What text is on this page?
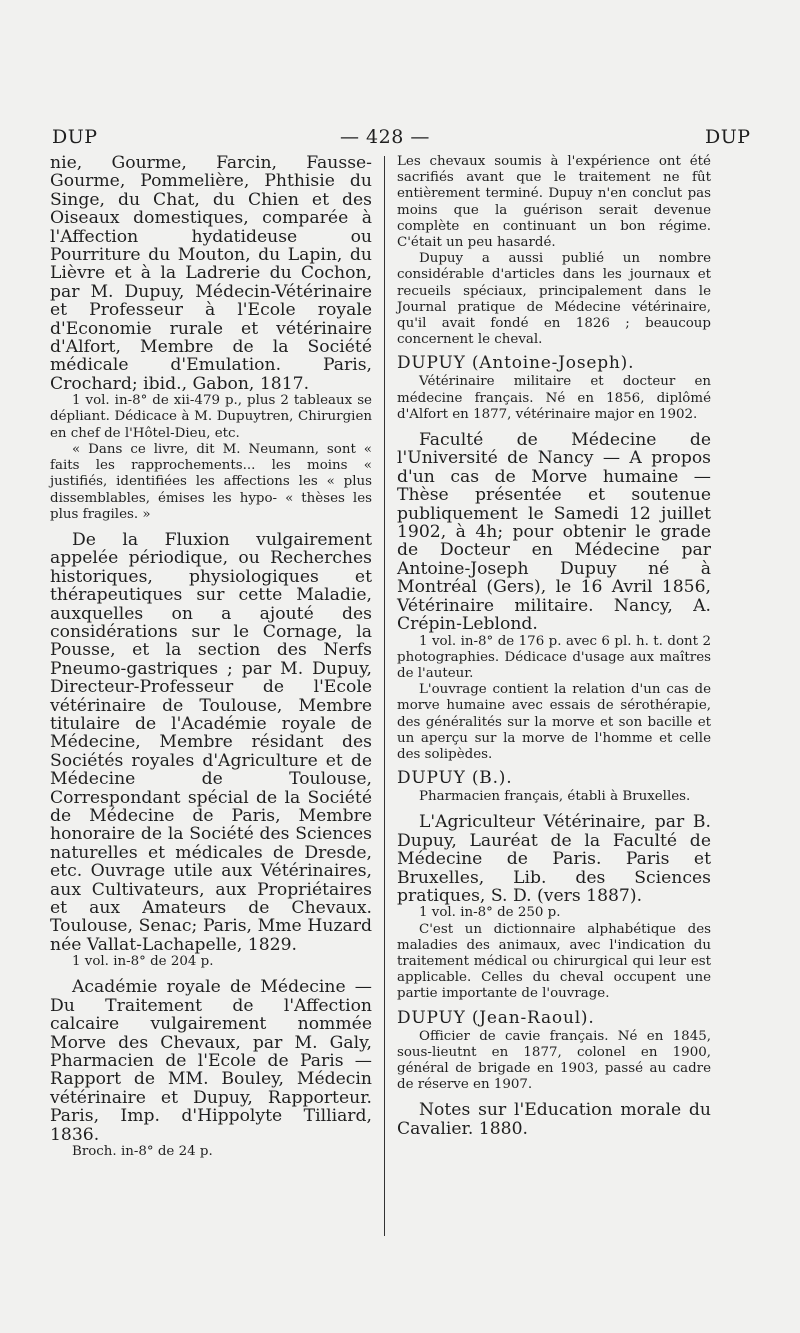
DUP	— 428 —	DUP

nie, Gourme, Farcin, Fausse-Gourme, Pommelière, Phthisie du Singe, du Chat, du Chien et des Oiseaux domestiques, comparée à l'Affection hydatideuse ou Pourriture du Mouton, du Lapin, du Lièvre et à la Ladrerie du Cochon, par M. Dupuy, Médecin-Vétérinaire et Professeur à l'Ecole royale d'Economie rurale et vétérinaire d'Alfort, Membre de la Société médicale d'Emulation. Paris, Crochard; ibid., Gabon, 1817.

1 vol. in-8° de xii-479 p., plus 2 tableaux se dépliant. Dédicace à M. Dupuytren, Chirurgien en chef de l'Hôtel-Dieu, etc.

« Dans ce livre, dit M. Neumann, sont « faits les rapprochements... les moins « justifiés, identifiées les affections les « plus dissemblables, émises les hypo- « thèses les plus fragiles. »

De la Fluxion vulgairement appelée périodique, ou Recherches historiques, physiologiques et thérapeutiques sur cette Maladie, auxquelles on a ajouté des considérations sur le Cornage, la Pousse, et la section des Nerfs Pneumo-gastriques ; par M. Dupuy, Directeur-Professeur de l'Ecole vétérinaire de Toulouse, Membre titulaire de l'Académie royale de Médecine, Membre résidant des Sociétés royales d'Agriculture et de Médecine de Toulouse, Correspondant spécial de la Société de Médecine de Paris, Membre honoraire de la Société des Sciences naturelles et médicales de Dresde, etc. Ouvrage utile aux Vétérinaires, aux Cultivateurs, aux Propriétaires et aux Amateurs de Chevaux. Toulouse, Senac; Paris, Mme Huzard née Vallat-Lachapelle, 1829.

1 vol. in-8° de 204 p.

Académie royale de Médecine — Du Traitement de l'Affection calcaire vulgairement nommée Morve des Chevaux, par M. Galy, Pharmacien de l'Ecole de Paris — Rapport de MM. Bouley, Médecin vétérinaire et Dupuy, Rapporteur. Paris, Imp. d'Hippolyte Tilliard, 1836.

Broch. in-8° de 24 p.

Les chevaux soumis à l'expérience ont été sacrifiés avant que le traitement ne fût entièrement terminé. Dupuy n'en conclut pas moins que la guérison serait devenue complète en continuant un bon régime. C'était un peu hasardé.

Dupuy a aussi publié un nombre considérable d'articles dans les journaux et recueils spéciaux, principalement dans le Journal pratique de Médecine vétérinaire, qu'il avait fondé en 1826 ; beaucoup concernent le cheval.

DUPUY (Antoine-Joseph).

Vétérinaire militaire et docteur en médecine français. Né en 1856, diplômé d'Alfort en 1877, vétérinaire major en 1902.

Faculté de Médecine de l'Université de Nancy — A propos d'un cas de Morve humaine — Thèse présentée et soutenue publiquement le Samedi 12 juillet 1902, à 4h; pour obtenir le grade de Docteur en Médecine par Antoine-Joseph Dupuy né à Montréal (Gers), le 16 Avril 1856, Vétérinaire militaire. Nancy, A. Crépin-Leblond.

1 vol. in-8° de 176 p. avec 6 pl. h. t. dont 2 photographies. Dédicace d'usage aux maîtres de l'auteur.

L'ouvrage contient la relation d'un cas de morve humaine avec essais de sérothérapie, des généralités sur la morve et son bacille et un aperçu sur la morve de l'homme et celle des solipèdes.

DUPUY (B.).

Pharmacien français, établi à Bruxelles.

L'Agriculteur Vétérinaire, par B. Dupuy, Lauréat de la Faculté de Médecine de Paris. Paris et Bruxelles, Lib. des Sciences pratiques, S. D. (vers 1887).

1 vol. in-8° de 250 p.

C'est un dictionnaire alphabétique des maladies des animaux, avec l'indication du traitement médical ou chirurgical qui leur est applicable. Celles du cheval occupent une partie importante de l'ouvrage.

DUPUY (Jean-Raoul).

Officier de cavie français. Né en 1845, sous-lieutnt en 1877, colonel en 1900, général de brigade en 1903, passé au cadre de réserve en 1907.

Notes sur l'Education morale du Cavalier. 1880.
